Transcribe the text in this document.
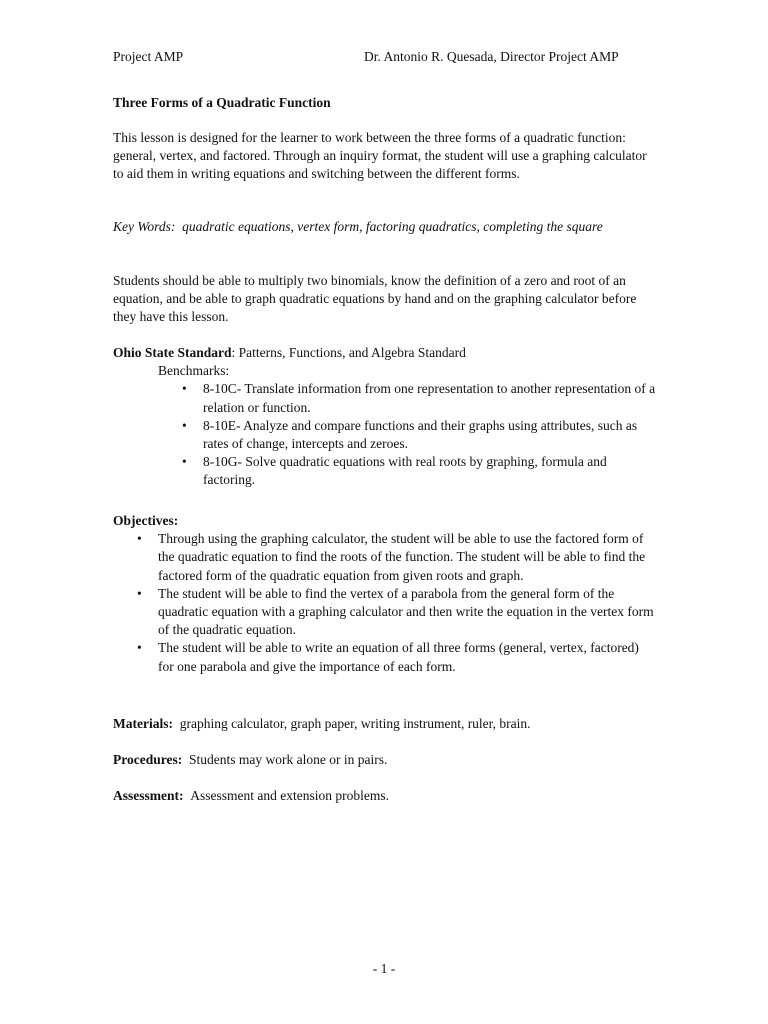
Project AMP	Dr. Antonio R. Quesada, Director Project AMP
Three Forms of a Quadratic Function

This lesson is designed for the learner to work between the three forms of a quadratic function: general, vertex, and factored. Through an inquiry format, the student will use a graphing calculator to aid them in writing equations and switching between the different forms.

Key Words: quadratic equations, vertex form, factoring quadratics, completing the square

Students should be able to multiply two binomials, know the definition of a zero and root of an equation, and be able to graph quadratic equations by hand and on the graphing calculator before they have this lesson.

Ohio State Standard: Patterns, Functions, and Algebra Standard

Benchmarks:

• 8-10C- Translate information from one representation to another representation of a relation or function.
• 8-10E- Analyze and compare functions and their graphs using attributes, such as rates of change, intercepts and zeroes.
• 8-10G- Solve quadratic equations with real roots by graphing, formula and factoring.

Objectives:

• Through using the graphing calculator, the student will be able to use the factored form of the quadratic equation to find the roots of the function. The student will be able to find the factored form of the quadratic equation from given roots and graph.
• The student will be able to find the vertex of a parabola from the general form of the quadratic equation with a graphing calculator and then write the equation in the vertex form of the quadratic equation.
• The student will be able to write an equation of all three forms (general, vertex, factored) for one parabola and give the importance of each form.

Materials: graphing calculator, graph paper, writing instrument, ruler, brain.

Procedures: Students may work alone or in pairs.

Assessment: Assessment and extension problems.

- 1 -
